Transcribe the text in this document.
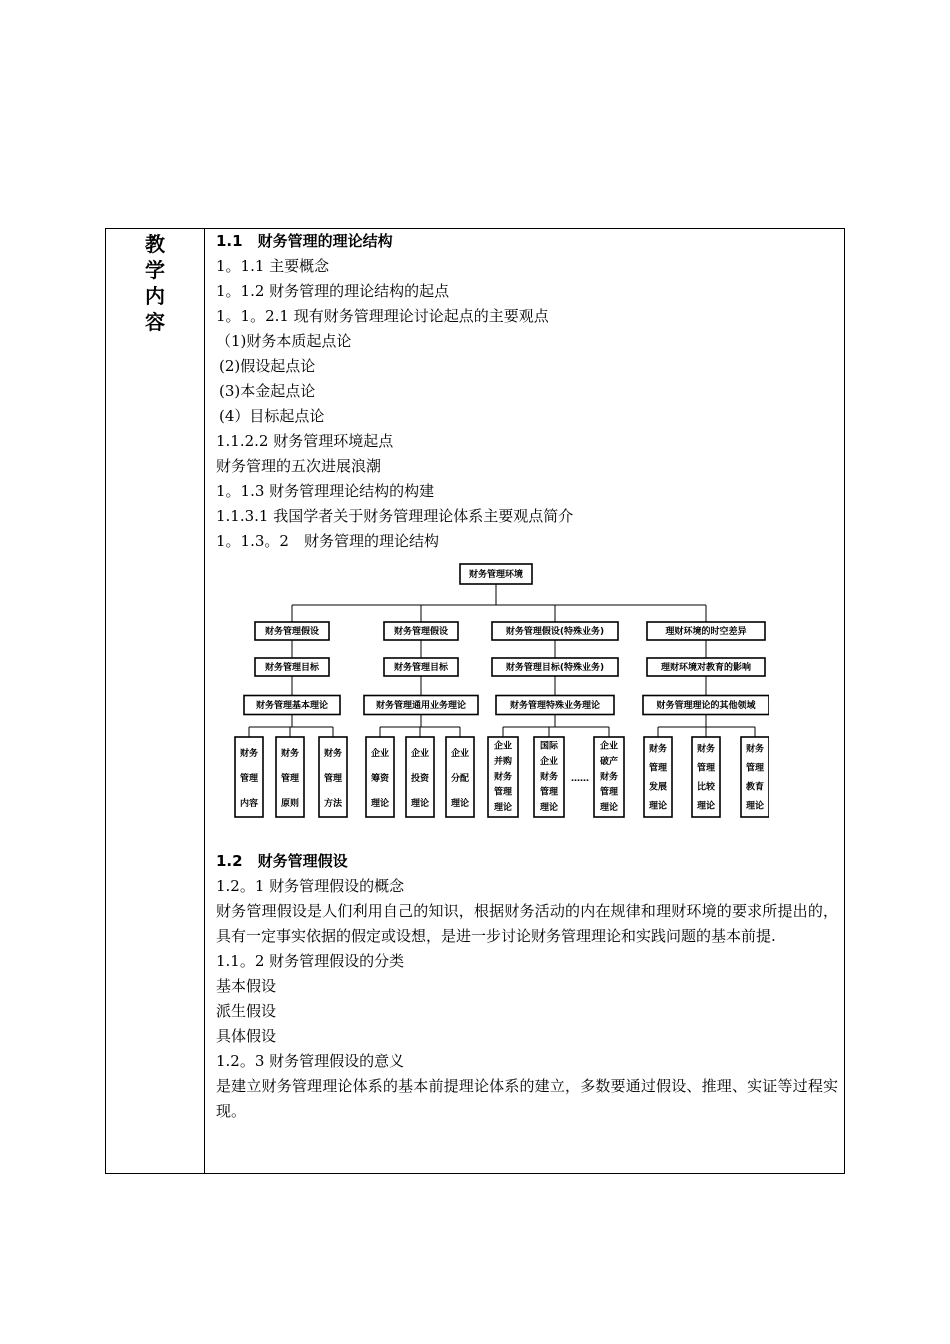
教 学
内 容
1.1　财务管理的理论结构
1。1.1 主要概念
1。1.2 财务管理的理论结构的起点
1。1。2.1 现有财务管理理论讨论起点的主要观点
（1)财务本质起点论
(2)假设起点论
(3)本金起点论
(4）目标起点论
1.1.2.2 财务管理环境起点
财务管理的五次进展浪潮
1。1.3 财务管理理论结构的构建
1.1.3.1 我国学者关于财务管理理论体系主要观点简介
1。1.3。2　财务管理的理论结构
财务管理环境
财务管理假设
财务管理目标
财务管理基本理论
财务管理假设
财务管理目标
财务管理通用业务理论
财务管理假设(特殊业务)
财务管理目标(特殊业务)
财务管理特殊业务理论
理财环境的时空差异
理财环境对教育的影响
财务管理理论的其他领域
财务
管理
内容
财务
管理
原则
财务
管理
方法
企业
筹资
理论
企业
投资
理论
企业
分配
理论
企业
并购
财务
管理
理论
国际
企业
财务
管理
理论
企业
破产
财务
管理
理论
财务
管理
发展
理论
财务
管理
比较
理论
财务
管理
教育
理论
……
1.2　财务管理假设
1.2。1 财务管理假设的概念
财务管理假设是人们利用自己的知识，根据财务活动的内在规律和理财环境的要求所提出的，具有一定事实依据的假定或设想，是进一步讨论财务管理理论和实践问题的基本前提.
1.1。2 财务管理假设的分类
基本假设
派生假设
具体假设
1.2。3 财务管理假设的意义
是建立财务管理理论体系的基本前提理论体系的建立，多数要通过假设、推理、实证等过程实现。
